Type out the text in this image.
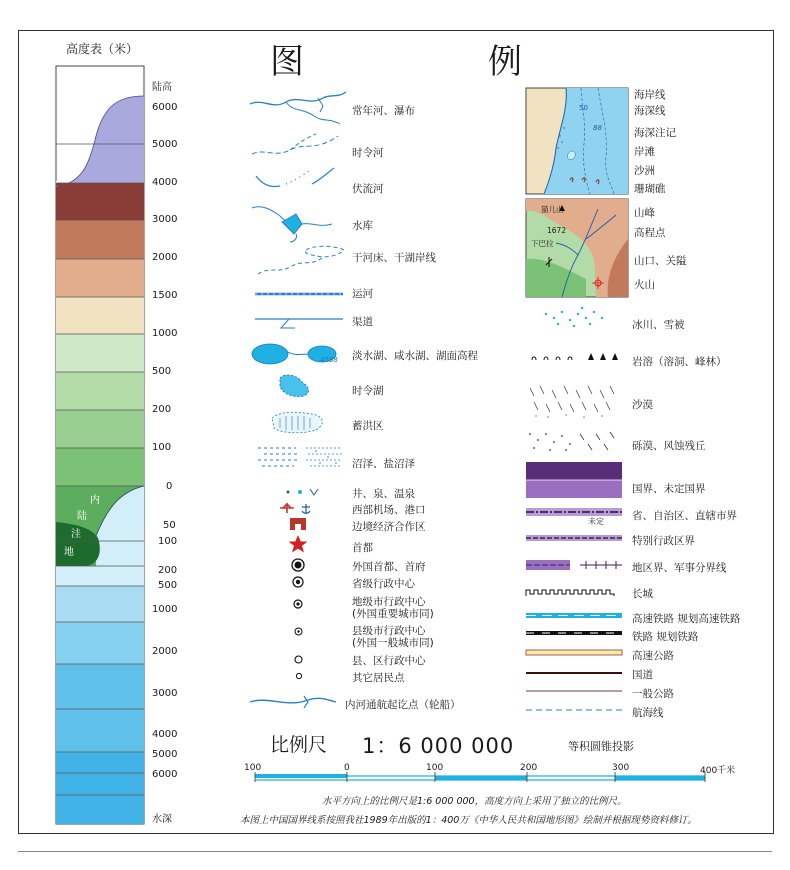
高度表（米）
内
陆
洼
地
陆高
6000
5000
4000
3000
2000
1500
1000
500
200
100
0
50
100
200
500
1000
2000
3000
4000
5000
6000
水深
图	例
4588
常年河、瀑布
时令河
伏流河
水库
干河床、干湖岸线
运河
渠道
淡水湖、咸水湖、湖面高程
时令湖
蓄洪区
沼泽、盐沼泽
井、泉、温泉
西部机场、港口
边境经济合作区
首都
外国首都、首府
省级行政中心
地级市行政中心
(外国重要城市同)
县级市行政中心
(外国一般城市同)
县、区行政中心
其它居民点
内河通航起讫点（轮船）
50
88
海岸线
海深线
海深注记
岸滩
沙洲
珊瑚礁
猫儿山
1672
下巴拉
山峰
高程点
山口、关隘
火山
未定
冰川、雪被
岩溶（溶洞、峰林）
沙漠
砾漠、风蚀残丘
国界、未定国界
省、自治区、直辖市界
特别行政区界
地区界、军事分界线
长城
高速铁路 规划高速铁路
铁路 规划铁路
高速公路
国道
一般公路
航海线
比例尺 1：6 000 000	等积圆锥投影
100	0	100	200	300	400千米
水平方向上的比例尺是1:6 000 000，高度方向上采用了独立的比例尺。
本图上中国国界线系按照我社1989年出版的1：400万《中华人民共和国地形图》绘制并根据现势资料修订。
